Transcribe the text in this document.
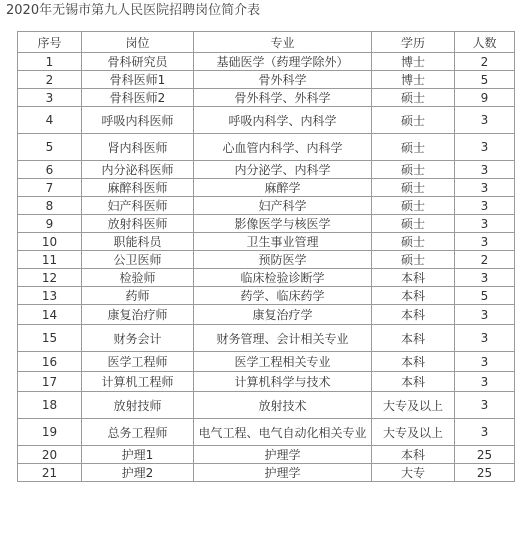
2020年无锡市第九人民医院招聘岗位简介表
序号	岗位	专业	学历	人数
1	骨科研究员	基础医学（药理学除外）	博士	2
2	骨科医师1	骨外科学	博士	5
3	骨科医师2	骨外科学、外科学	硕士	9
4	呼吸内科医师	呼吸内科学、内科学	硕士	3
5	肾内科医师	心血管内科学、内科学	硕士	3
6	内分泌科医师	内分泌学、内科学	硕士	3
7	麻醉科医师	麻醉学	硕士	3
8	妇产科医师	妇产科学	硕士	3
9	放射科医师	影像医学与核医学	硕士	3
10	职能科员	卫生事业管理	硕士	3
11	公卫医师	预防医学	硕士	2
12	检验师	临床检验诊断学	本科	3
13	药师	药学、临床药学	本科	5
14	康复治疗师	康复治疗学	本科	3
15	财务会计	财务管理、会计相关专业	本科	3
16	医学工程师	医学工程相关专业	本科	3
17	计算机工程师	计算机科学与技术	本科	3
18	放射技师	放射技术	大专及以上	3
19	总务工程师	电气工程、电气自动化相关专业	大专及以上	3
20	护理1	护理学	本科	25
21	护理2	护理学	大专	25
